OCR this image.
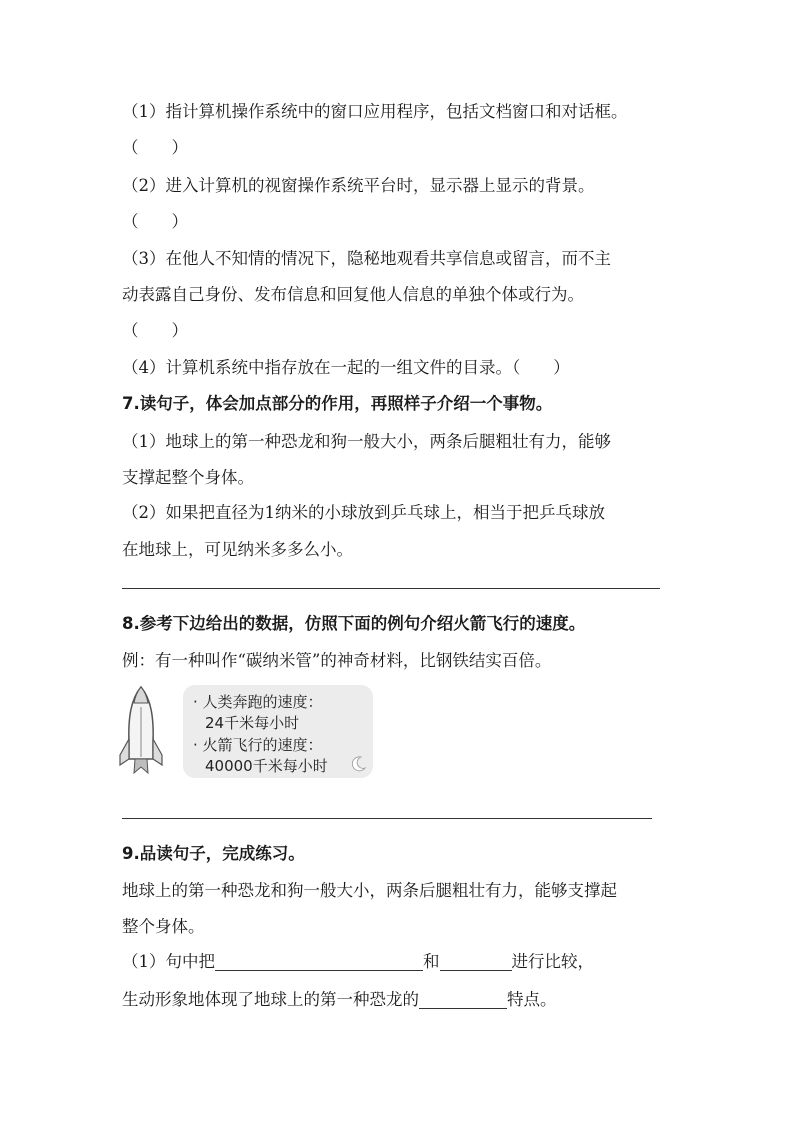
（1）指计算机操作系统中的窗口应用程序，包括文档窗口和对话框。
（　　）
（2）进入计算机的视窗操作系统平台时，显示器上显示的背景。
（　　）
（3）在他人不知情的情况下，隐秘地观看共享信息或留言，而不主
动表露自己身份、发布信息和回复他人信息的单独个体或行为。
（　　）
（4）计算机系统中指存放在一起的一组文件的目录。（　　）
7.读句子，体会加点部分的作用，再照样子介绍一个事物。
（1）地球上的第一种恐龙和狗一般大小，两条后腿粗壮有力，能够
支撑起整个身体。
（2）如果把直径为1纳米的小球放到乒乓球上，相当于把乒乓球放
在地球上，可见纳米多多么小。
8.参考下边给出的数据，仿照下面的例句介绍火箭飞行的速度。
例：有一种叫作“碳纳米管”的神奇材料，比钢铁结实百倍。
· 人类奔跑的速度：
24千米每小时
· 火箭飞行的速度：
40000千米每小时
9.品读句子，完成练习。
地球上的第一种恐龙和狗一般大小，两条后腿粗壮有力，能够支撑起
整个身体。
（1）句中把	和	进行比较，
生动形象地体现了地球上的第一种恐龙的	特点。
